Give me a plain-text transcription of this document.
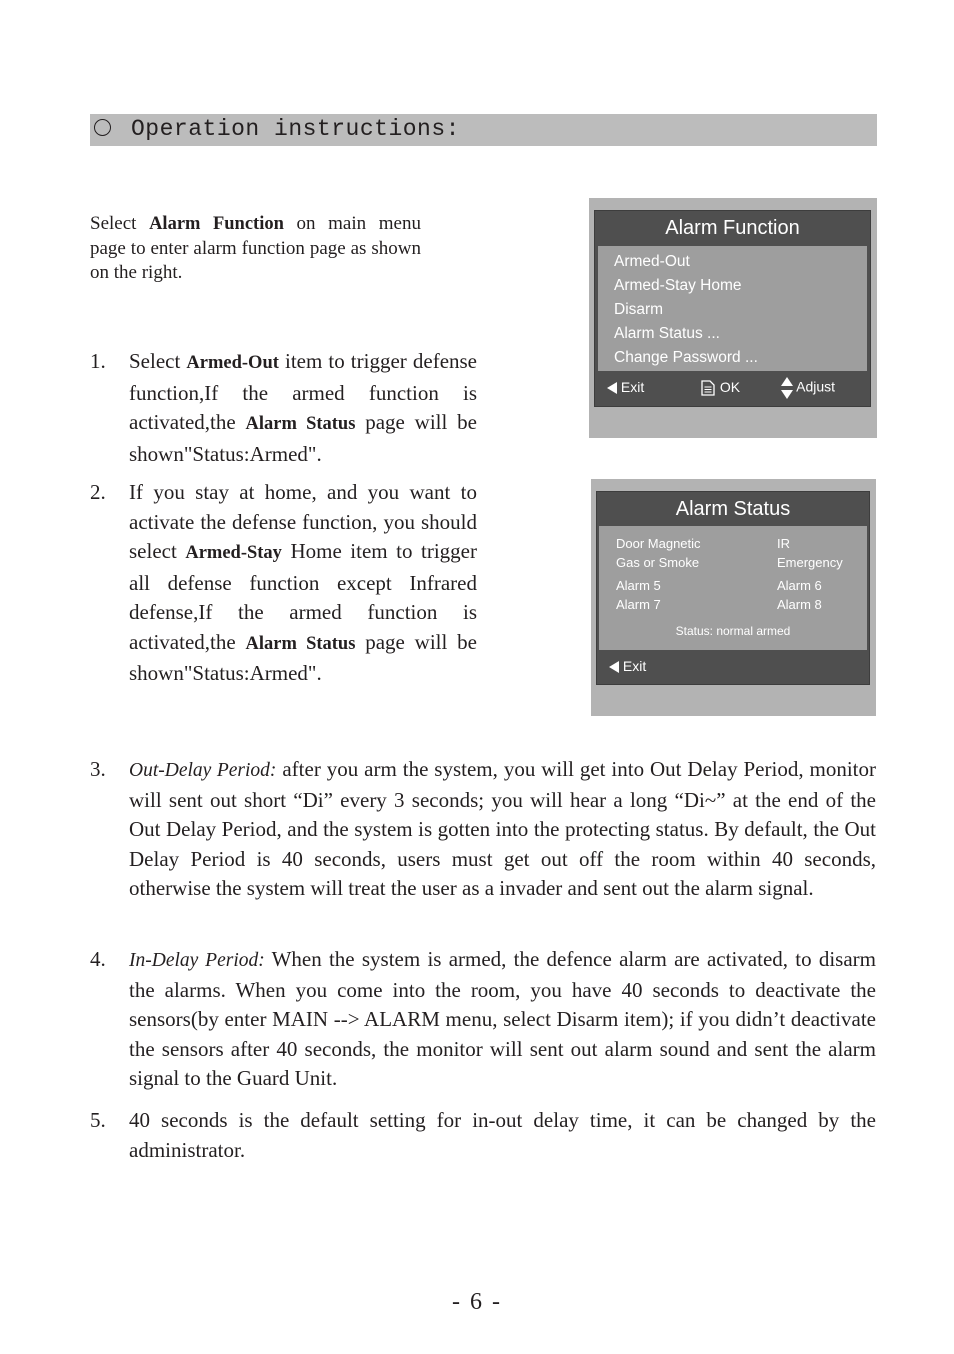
Operation instructions:
Select Alarm Function on main menu page to enter alarm function page as shown on the right.
1. Select Armed-Out item to trigger defense function,If the armed function is activated,the Alarm Status page will be shown"Status:Armed".
2. If you stay at home, and you want to activate the defense function, you should select Armed-Stay Home item to trigger all defense function except Infrared defense,If the armed function is activated,the Alarm Status page will be shown"Status:Armed".
3. Out-Delay Period: after you arm the system, you will get into Out Delay Period, monitor will sent out short “Di” every 3 seconds; you will hear a long “Di~” at the end of the Out Delay Period, and the system is gotten into the protecting status. By default, the Out Delay Period is 40 seconds, users must get out off the room within 40 seconds, otherwise the system will treat the user as a invader and sent out the alarm signal.
4. In-Delay Period: When the system is armed, the defence alarm are activated, to disarm the alarms. When you come into the room, you have 40 seconds to deactivate the sensors(by enter MAIN --> ALARM menu, select Disarm item); if you didn’t deactivate the sensors after 40 seconds, the monitor will sent out alarm sound and sent the alarm signal to the Guard Unit.
5. 40 seconds is the default setting for in-out delay time, it can be changed by the administrator.
Alarm Function
Armed-Out
Armed-Stay Home
Disarm
Alarm Status ...
Change Password ...
Exit	OK	Adjust
Alarm Status
Door Magnetic	IR
Gas or Smoke	Emergency
Alarm 5	Alarm 6
Alarm 7	Alarm 8
Status: normal armed
Exit
- 6 -
